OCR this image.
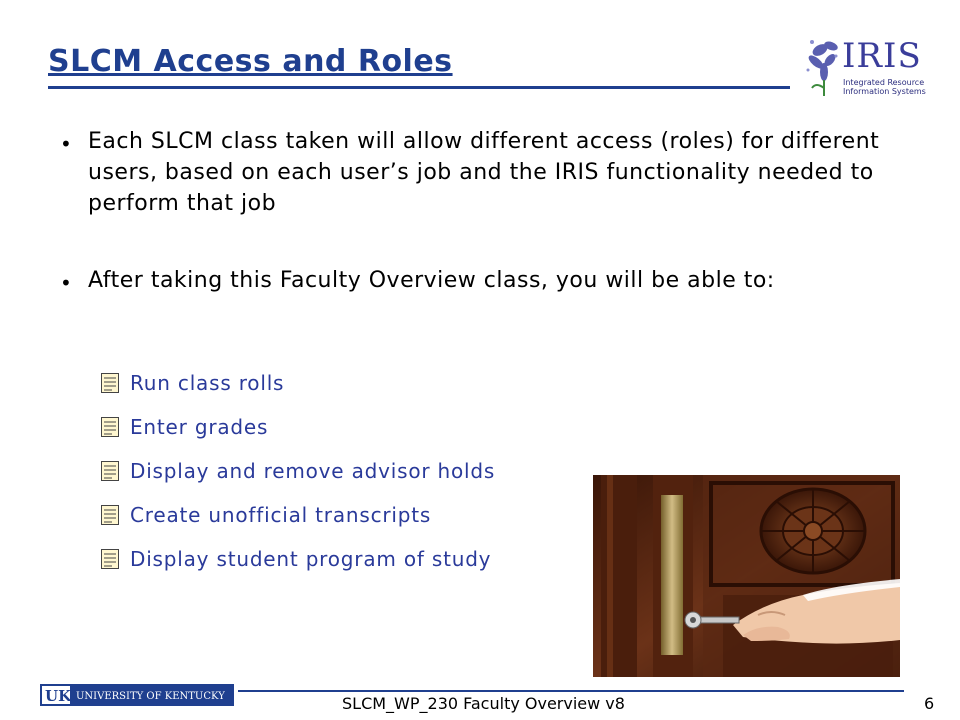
SLCM Access and Roles	IRIS
Integrated Resource
Information Systems
• Each SLCM class taken will allow different access (roles) for different users, based on each user’s job and the IRIS functionality needed to perform that job
• After taking this Faculty Overview class, you will be able to:
Run class rolls
Enter grades
Display and remove advisor holds
Create unofficial transcripts
Display student program of study
UK UNIVERSITY OF KENTUCKY	SLCM_WP_230 Faculty Overview v8	6
